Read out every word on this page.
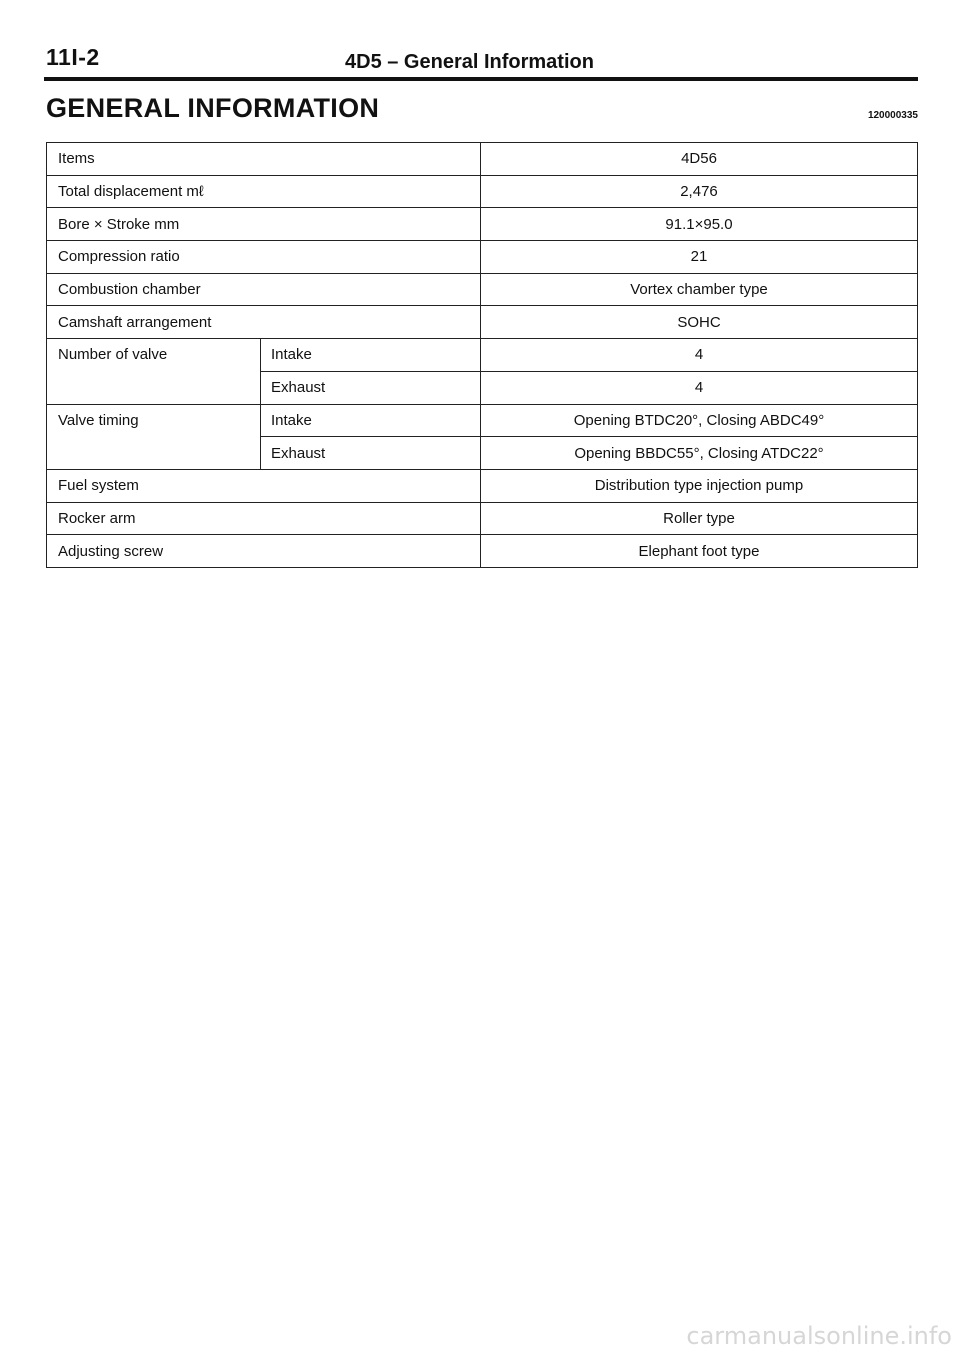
11I-2	4D5 – General Information
GENERAL INFORMATION	120000335
Items		4D56
Total displacement mℓ		2,476
Bore × Stroke mm		91.1×95.0
Compression ratio		21
Combustion chamber		Vortex chamber type
Camshaft arrangement		SOHC
Number of valve	Intake	4
	Exhaust	4
Valve timing	Intake	Opening BTDC20°, Closing ABDC49°
	Exhaust	Opening BBDC55°, Closing ATDC22°
Fuel system		Distribution type injection pump
Rocker arm		Roller type
Adjusting screw		Elephant foot type
carmanualsonline.info
